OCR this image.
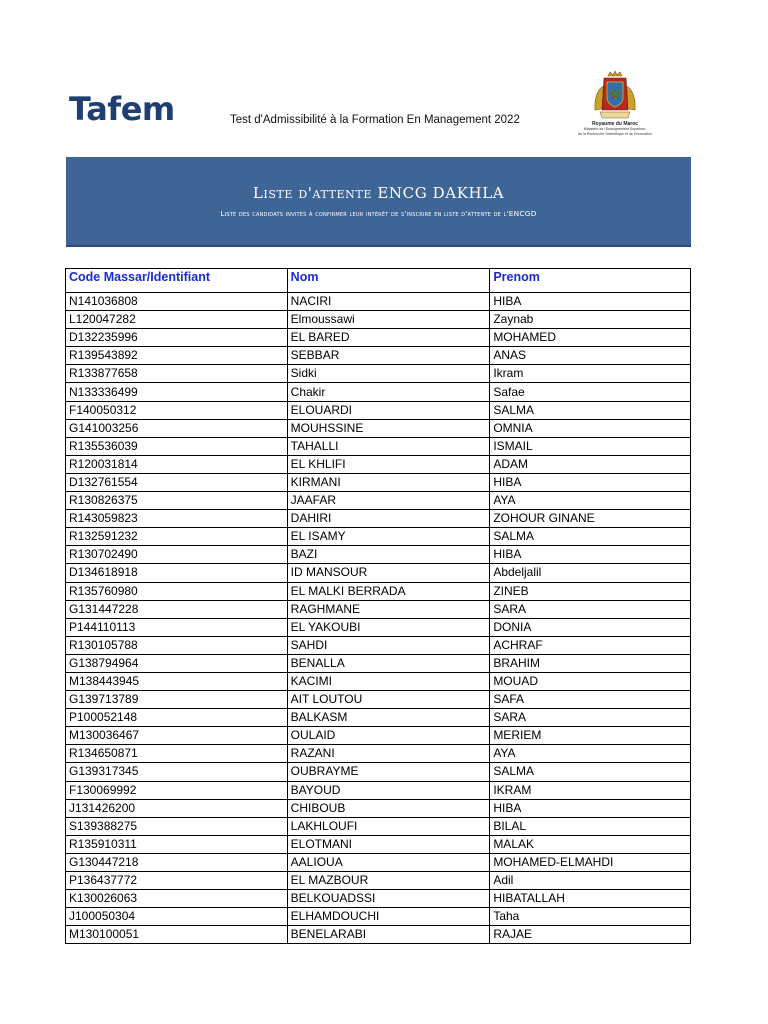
Tafem	Test d'Admissibilité à la Formation En Management 2022	Royaume du Maroc
Ministère de l'Enseignement Supérieur,
de la Recherche Scientifique et de l'Innovation
Liste d'attente ENCG DAKHLA
Liste des candidats invités à confirmer leur intérêt de s'inscrire en liste d'attente de l'ENCGD
Code Massar/Identifiant	Nom	Prenom
N141036808	NACIRI	HIBA
L120047282	Elmoussawi	Zaynab
D132235996	EL BARED	MOHAMED
R139543892	SEBBAR	ANAS
R133877658	Sidki	Ikram
N133336499	Chakir	Safae
F140050312	ELOUARDI	SALMA
G141003256	MOUHSSINE	OMNIA
R135536039	TAHALLI	ISMAIL
R120031814	EL KHLIFI	ADAM
D132761554	KIRMANI	HIBA
R130826375	JAAFAR	AYA
R143059823	DAHIRI	ZOHOUR GINANE
R132591232	EL ISAMY	SALMA
R130702490	BAZI	HIBA
D134618918	ID MANSOUR	Abdeljalil
R135760980	EL MALKI BERRADA	ZINEB
G131447228	RAGHMANE	SARA
P144110113	EL YAKOUBI	DONIA
R130105788	SAHDI	ACHRAF
G138794964	BENALLA	BRAHIM
M138443945	KACIMI	MOUAD
G139713789	AIT LOUTOU	SAFA
P100052148	BALKASM	SARA
M130036467	OULAID	MERIEM
R134650871	RAZANI	AYA
G139317345	OUBRAYME	SALMA
F130069992	BAYOUD	IKRAM
J131426200	CHIBOUB	HIBA
S139388275	LAKHLOUFI	BILAL
R135910311	ELOTMANI	MALAK
G130447218	AALIOUA	MOHAMED-ELMAHDI
P136437772	EL MAZBOUR	Adil
K130026063	BELKOUADSSI	HIBATALLAH
J100050304	ELHAMDOUCHI	Taha
M130100051	BENELARABI	RAJAE
